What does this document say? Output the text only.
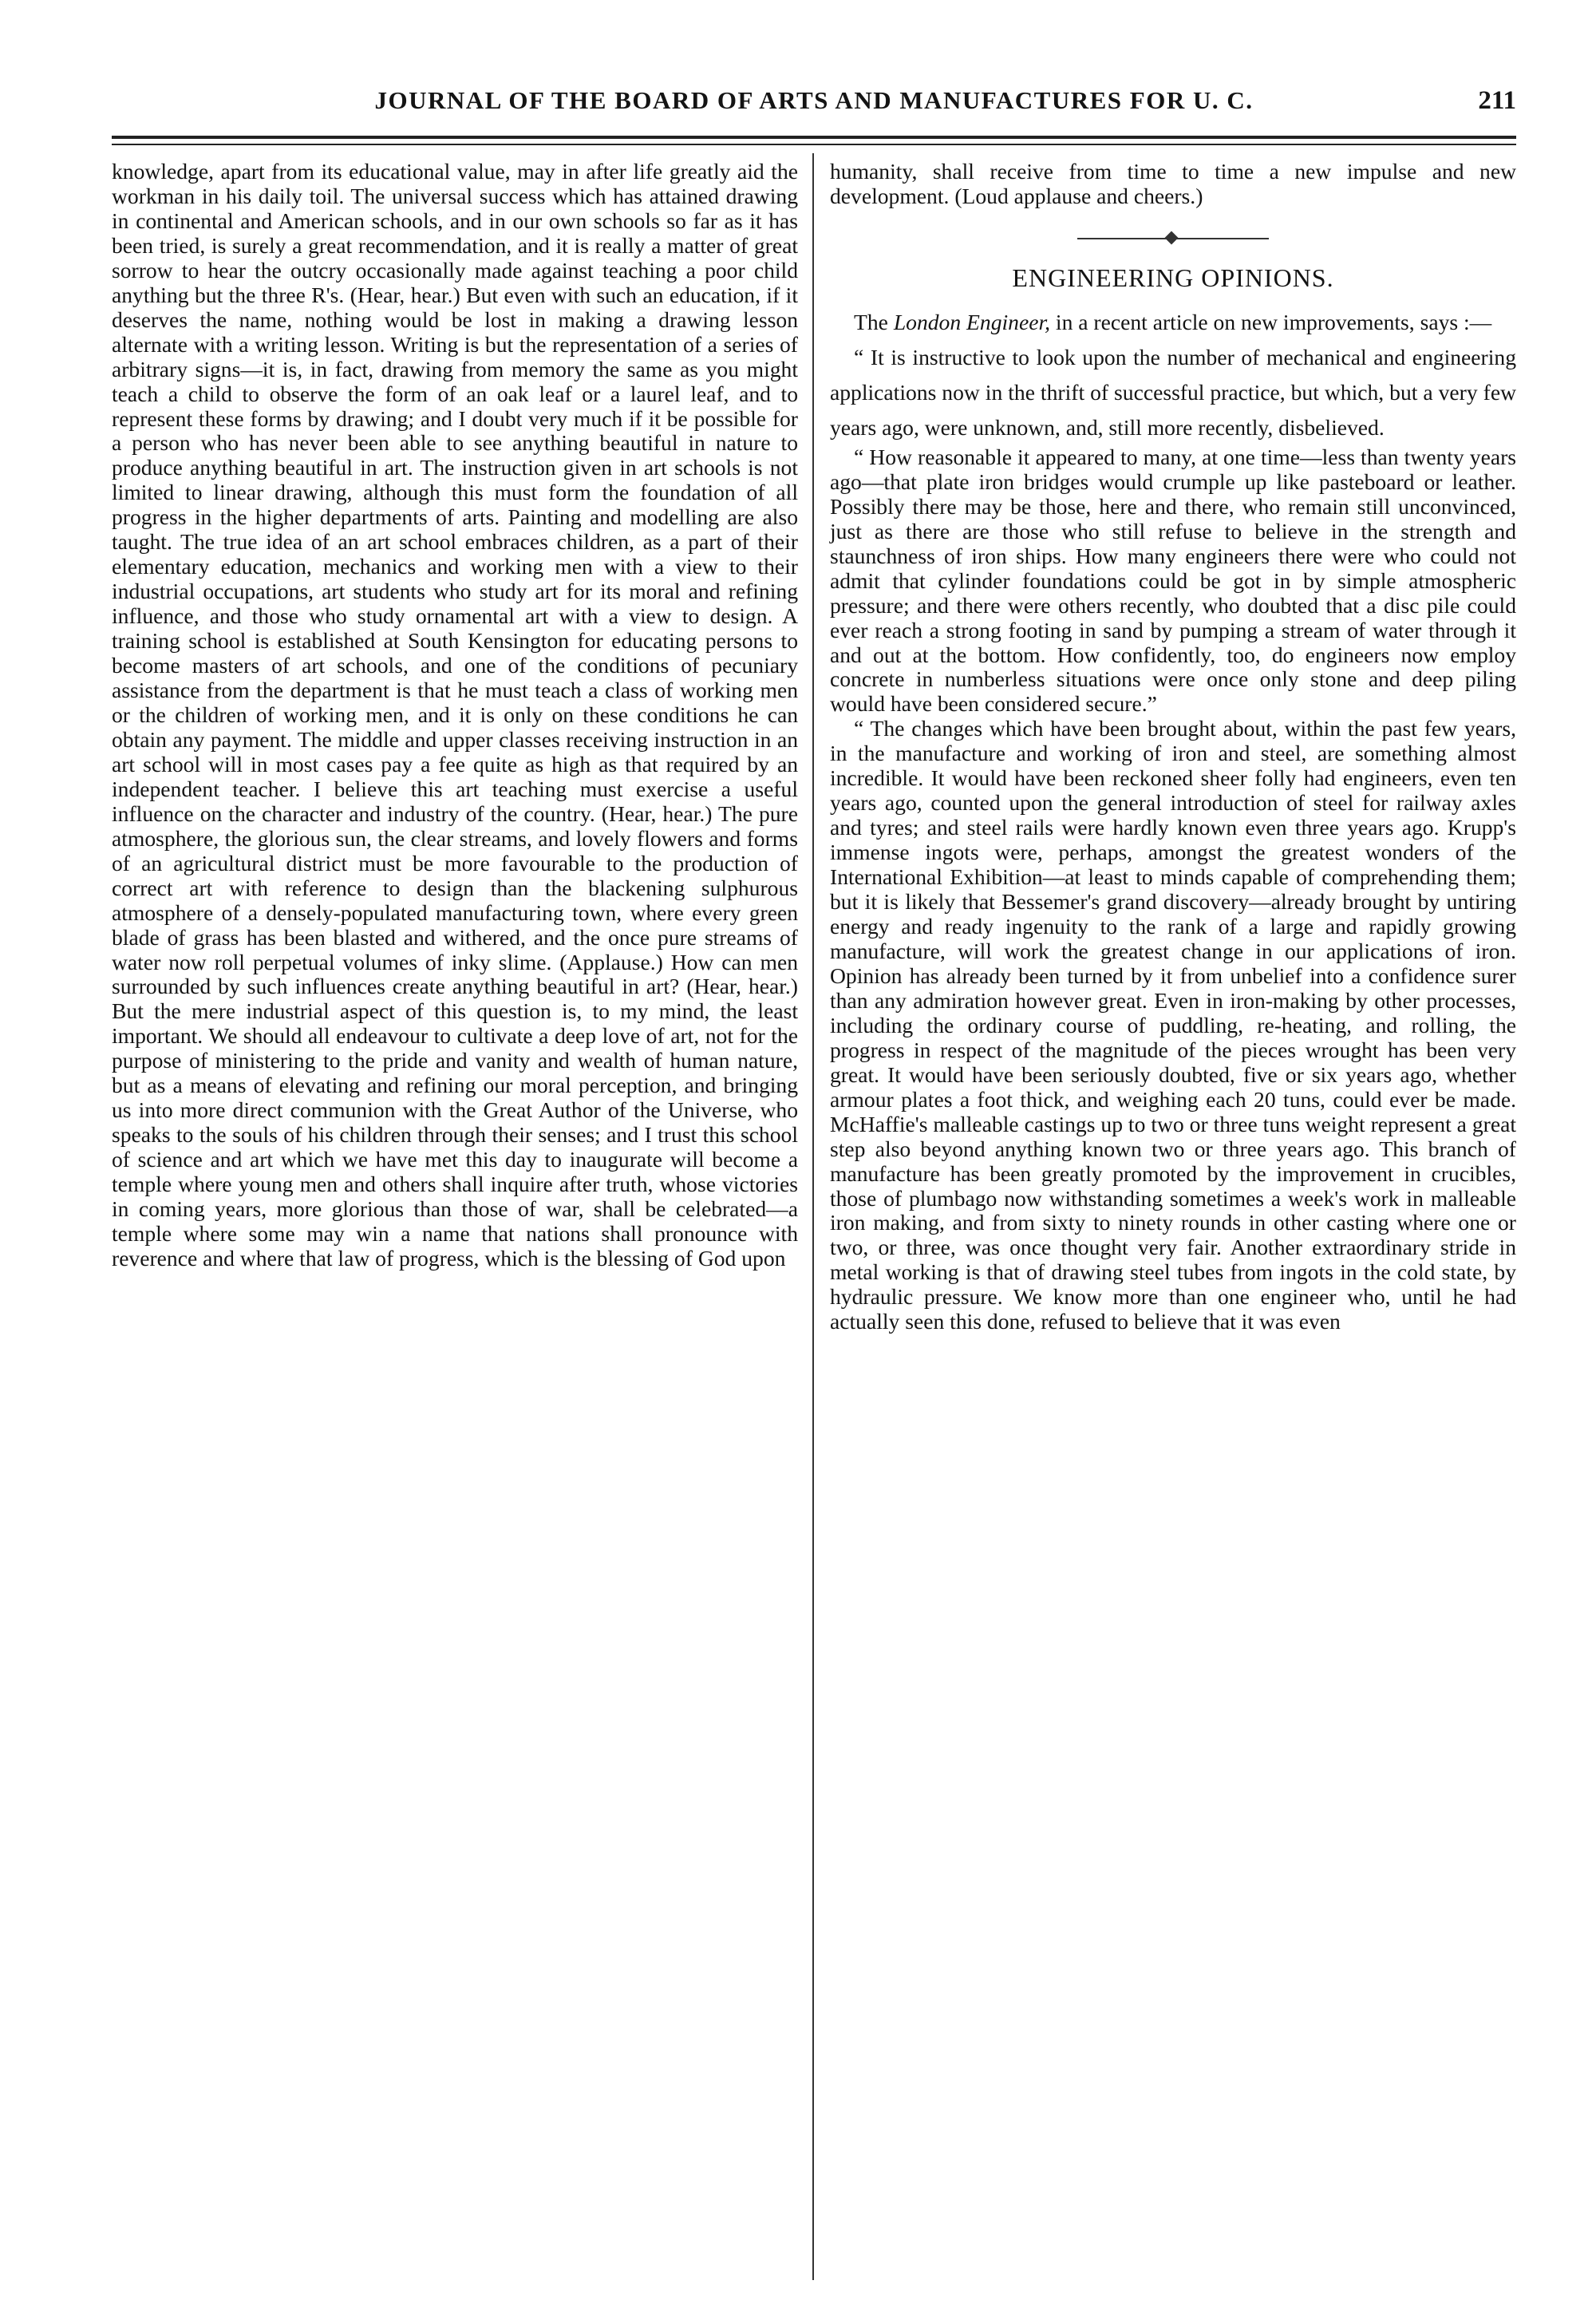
JOURNAL OF THE BOARD OF ARTS AND MANUFACTURES FOR U. C.	211

knowledge, apart from its educational value, may in after life greatly aid the workman in his daily toil. The universal success which has attained drawing in continental and American schools, and in our own schools so far as it has been tried, is surely a great recommendation, and it is really a matter of great sorrow to hear the outcry occasionally made against teaching a poor child anything but the three R's. (Hear, hear.) But even with such an education, if it deserves the name, nothing would be lost in making a drawing lesson alternate with a writing lesson. Writing is but the representation of a series of arbitrary signs—it is, in fact, drawing from memory the same as you might teach a child to observe the form of an oak leaf or a laurel leaf, and to represent these forms by drawing; and I doubt very much if it be possible for a person who has never been able to see anything beautiful in nature to produce anything beautiful in art. The instruction given in art schools is not limited to linear drawing, although this must form the foundation of all progress in the higher departments of arts. Painting and modelling are also taught. The true idea of an art school embraces children, as a part of their elementary education, mechanics and working men with a view to their industrial occupations, art students who study art for its moral and refining influence, and those who study ornamental art with a view to design. A training school is established at South Kensington for educating persons to become masters of art schools, and one of the conditions of pecuniary assistance from the department is that he must teach a class of working men or the children of working men, and it is only on these conditions he can obtain any payment. The middle and upper classes receiving instruction in an art school will in most cases pay a fee quite as high as that required by an independent teacher. I believe this art teaching must exercise a useful influence on the character and industry of the country. (Hear, hear.) The pure atmosphere, the glorious sun, the clear streams, and lovely flowers and forms of an agricultural district must be more favourable to the production of correct art with reference to design than the blackening sulphurous atmosphere of a densely-populated manufacturing town, where every green blade of grass has been blasted and withered, and the once pure streams of water now roll perpetual volumes of inky slime. (Applause.) How can men surrounded by such influences create anything beautiful in art? (Hear, hear.) But the mere industrial aspect of this question is, to my mind, the least important. We should all endeavour to cultivate a deep love of art, not for the purpose of ministering to the pride and vanity and wealth of human nature, but as a means of elevating and refining our moral perception, and bringing us into more direct communion with the Great Author of the Universe, who speaks to the souls of his children through their senses; and I trust this school of science and art which we have met this day to inaugurate will become a temple where young men and others shall inquire after truth, whose victories in coming years, more glorious than those of war, shall be celebrated—a temple where some may win a name that nations shall pronounce with reverence and where that law of progress, which is the blessing of God upon

humanity, shall receive from time to time a new impulse and new development. (Loud applause and cheers.)

ENGINEERING OPINIONS.

The London Engineer, in a recent article on new improvements, says :—

“ It is instructive to look upon the number of mechanical and engineering applications now in the thrift of successful practice, but which, but a very few years ago, were unknown, and, still more recently, disbelieved.

“ How reasonable it appeared to many, at one time—less than twenty years ago—that plate iron bridges would crumple up like pasteboard or leather. Possibly there may be those, here and there, who remain still unconvinced, just as there are those who still refuse to believe in the strength and staunchness of iron ships. How many engineers there were who could not admit that cylinder foundations could be got in by simple atmospheric pressure; and there were others recently, who doubted that a disc pile could ever reach a strong footing in sand by pumping a stream of water through it and out at the bottom. How confidently, too, do engineers now employ concrete in numberless situations were once only stone and deep piling would have been considered secure.”

“ The changes which have been brought about, within the past few years, in the manufacture and working of iron and steel, are something almost incredible. It would have been reckoned sheer folly had engineers, even ten years ago, counted upon the general introduction of steel for railway axles and tyres; and steel rails were hardly known even three years ago. Krupp's immense ingots were, perhaps, amongst the greatest wonders of the International Exhibition—at least to minds capable of comprehending them; but it is likely that Bessemer's grand discovery—already brought by untiring energy and ready ingenuity to the rank of a large and rapidly growing manufacture, will work the greatest change in our applications of iron. Opinion has already been turned by it from unbelief into a confidence surer than any admiration however great. Even in iron-making by other processes, including the ordinary course of puddling, re-heating, and rolling, the progress in respect of the magnitude of the pieces wrought has been very great. It would have been seriously doubted, five or six years ago, whether armour plates a foot thick, and weighing each 20 tuns, could ever be made. McHaffie's malleable castings up to two or three tuns weight represent a great step also beyond anything known two or three years ago. This branch of manufacture has been greatly promoted by the improvement in crucibles, those of plumbago now withstanding sometimes a week's work in malleable iron making, and from sixty to ninety rounds in other casting where one or two, or three, was once thought very fair. Another extraordinary stride in metal working is that of drawing steel tubes from ingots in the cold state, by hydraulic pressure. We know more than one engineer who, until he had actually seen this done, refused to believe that it was even
